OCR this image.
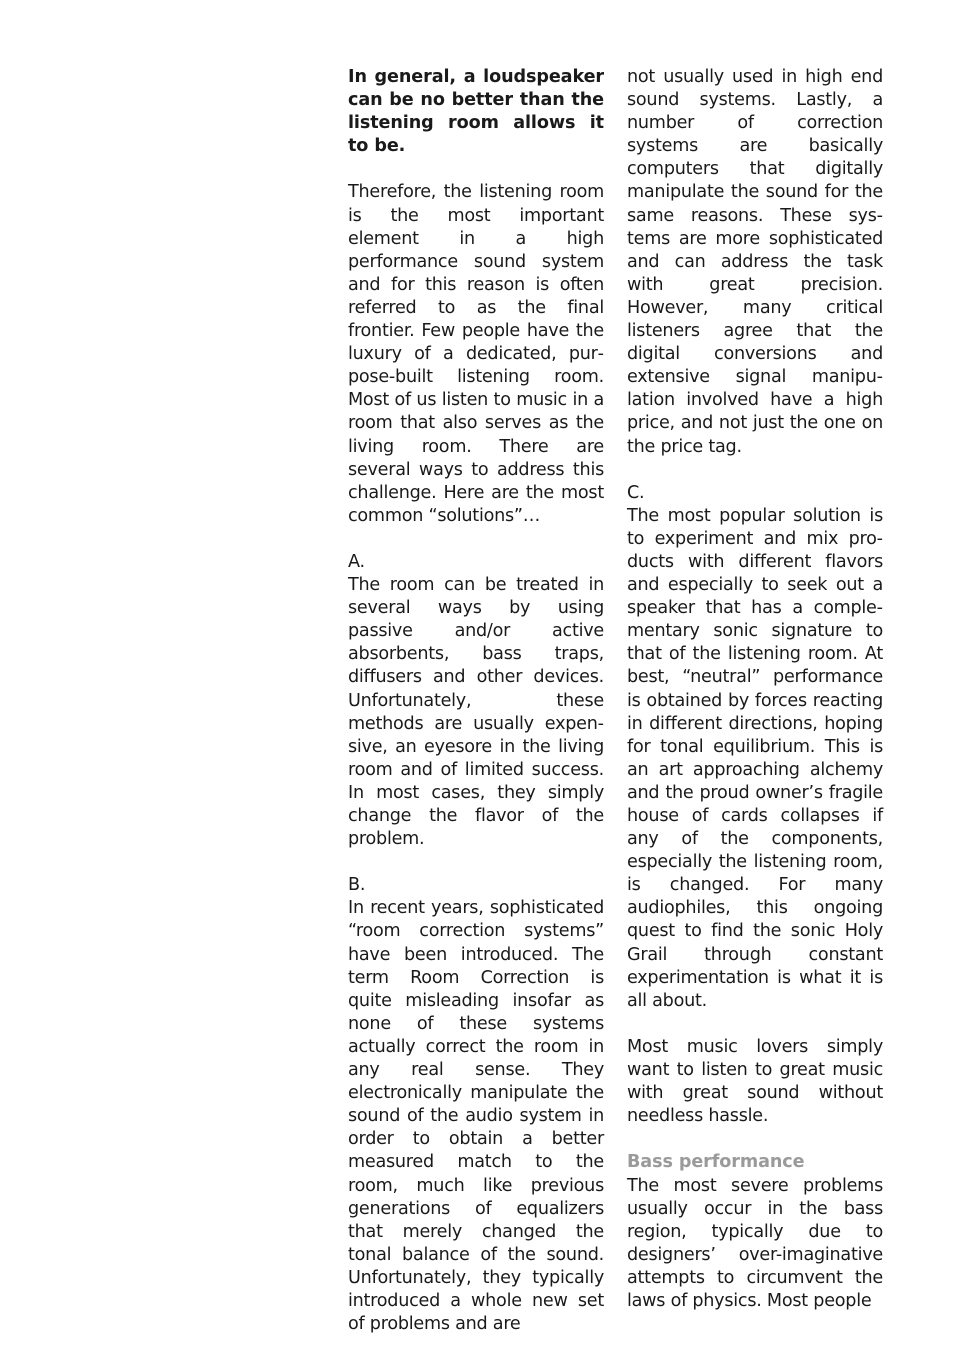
In general, a loudspeaker can be no better than the listening room allows it to be.

Therefore, the listening room is the most important element in a high performance sound system and for this reason is often referred to as the final frontier. Few people have the luxury of a dedicated, purpose-built listening room. Most of us listen to music in a room that also serves as the living room. There are several ways to address this challenge. Here are the most common “solutions”…

A.

The room can be treated in several ways by using passive and/or active absorbents, bass traps, diffusers and other devices. Unfortunately, these methods are usually expensive, an eyesore in the living room and of limited success. In most cases, they simply change the flavor of the problem.

B.

In recent years, sophisticated “room correction systems” have been introduced. The term Room Correction is quite misleading insofar as none of these systems actually correct the room in any real sense. They electronically manipulate the sound of the audio system in order to obtain a better measured match to the room, much like previous generations of equalizers that merely changed the tonal balance of the sound. Unfortunately, they typically introduced a whole new set of problems and are

not usually used in high end sound systems. Lastly, a number of correction systems are basically computers that digitally manipulate the sound for the same reasons. These systems are more sophisticated and can address the task with great precision. However, many critical listeners agree that the digital conversions and extensive signal manipulation involved have a high price, and not just the one on the price tag.

C.

The most popular solution is to experiment and mix products with different flavors and especially to seek out a speaker that has a complementary sonic signature to that of the listening room. At best, “neutral” performance is obtained by forces reacting in different directions, hoping for tonal equilibrium. This is an art approaching alchemy and the proud owner’s fragile house of cards collapses if any of the components, especially the listening room, is changed. For many audiophiles, this ongoing quest to find the sonic Holy Grail through constant experimentation is what it is all about.

Most music lovers simply want to listen to great music with great sound without needless hassle.

Bass performance

The most severe problems usually occur in the bass region, typically due to designers’ over-imaginative attempts to circumvent the laws of physics. Most people
